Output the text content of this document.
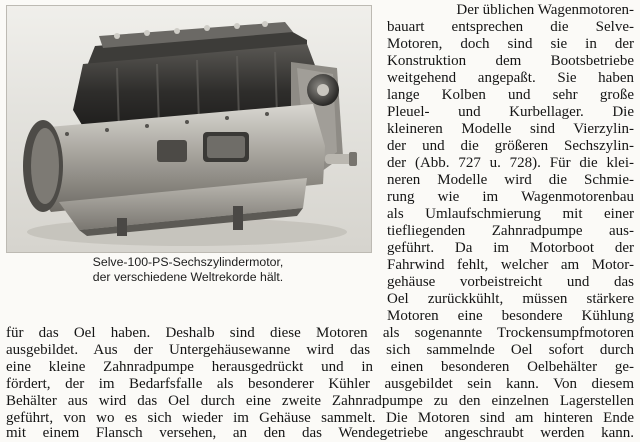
Selve-100-PS-Sechszylindermotor,
der verschiedene Weltrekorde hält.
Der üblichen Wagenmotoren-
bauart entsprechen die Selve-
Motoren, doch sind sie in der
Konstruktion dem Bootsbetriebe
weitgehend angepaßt. Sie haben
lange Kolben und sehr große
Pleuel- und Kurbellager. Die
kleineren Modelle sind Vierzylin-
der und die größeren Sechszylin-
der (Abb. 727 u. 728). Für die klei-
neren Modelle wird die Schmie-
rung wie im Wagenmotorenbau
als Umlaufschmierung mit einer
tiefliegenden Zahnradpumpe aus-
geführt. Da im Motorboot der
Fahrwind fehlt, welcher am Motor-
gehäuse vorbeistreicht und das
Oel zurückkühlt, müssen stärkere
Motoren eine besondere Kühlung
für das Oel haben. Deshalb sind diese Motoren als sogenannte Trockensumpfmotoren
ausgebildet. Aus der Untergehäusewanne wird das sich sammelnde Oel sofort durch
eine kleine Zahnradpumpe herausgedrückt und in einen besonderen Oelbehälter ge-
fördert, der im Bedarfsfalle als besonderer Kühler ausgebildet sein kann. Von diesem
Behälter aus wird das Oel durch eine zweite Zahnradpumpe zu den einzelnen Lagerstellen
geführt, von wo es sich wieder im Gehäuse sammelt. Die Motoren sind am hinteren Ende
mit einem Flansch versehen, an den das Wendegetriebe angeschraubt werden kann.
